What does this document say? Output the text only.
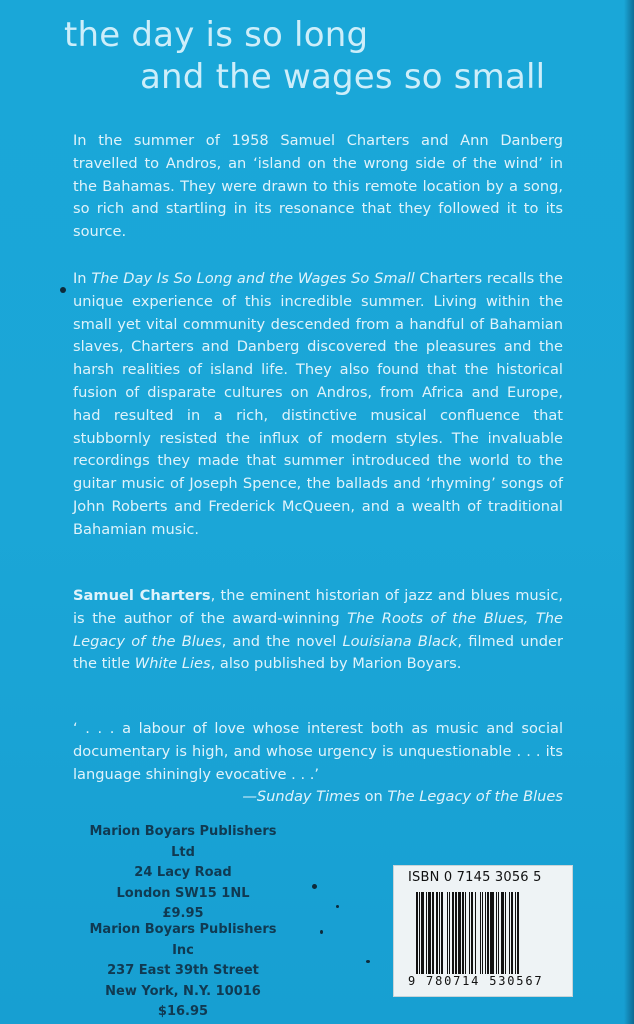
the day is so long
and the wages so small
In the summer of 1958 Samuel Charters and Ann Danberg travelled to Andros, an ‘island on the wrong side of the wind’ in the Bahamas. They were drawn to this remote location by a song, so rich and startling in its resonance that they followed it to its source.
In The Day Is So Long and the Wages So Small Charters recalls the unique experience of this incredible summer. Living within the small yet vital community descended from a handful of Bahamian slaves, Charters and Danberg discovered the pleasures and the harsh realities of island life. They also found that the historical fusion of disparate cultures on Andros, from Africa and Europe, had resulted in a rich, distinctive musical confluence that stubbornly resisted the influx of modern styles. The invaluable recordings they made that summer introduced the world to the guitar music of Joseph Spence, the ballads and ‘rhyming’ songs of John Roberts and Frederick McQueen, and a wealth of traditional Bahamian music.
Samuel Charters, the eminent historian of jazz and blues music, is the author of the award-winning The Roots of the Blues, The Legacy of the Blues, and the novel Louisiana Black, filmed under the title White Lies, also published by Marion Boyars.
‘ . . . a labour of love whose interest both as music and social documentary is high, and whose urgency is unquestionable . . . its language shiningly evocative . . .’
—Sunday Times on The Legacy of the Blues
Marion Boyars Publishers Ltd
24 Lacy Road
London SW15 1NL
£9.95
Marion Boyars Publishers Inc
237 East 39th Street
New York, N.Y. 10016
$16.95
ISBN 0 7145 3056 5
9 780714 530567
